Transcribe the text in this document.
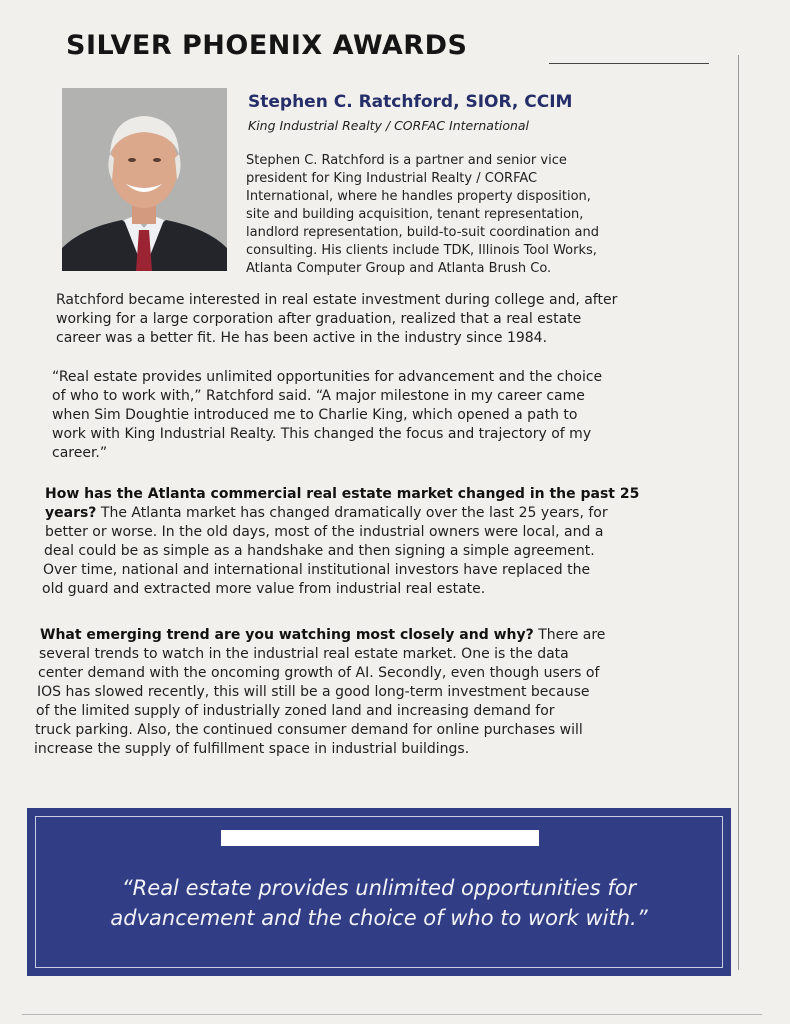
SILVER PHOENIX AWARDS
Stephen C. Ratchford, SIOR, CCIM
King Industrial Realty / CORFAC International
Stephen C. Ratchford is a partner and senior vice
president for King Industrial Realty / CORFAC
International, where he handles property disposition,
site and building acquisition, tenant representation,
landlord representation, build-to-suit coordination and
consulting. His clients include TDK, Illinois Tool Works,
Atlanta Computer Group and Atlanta Brush Co.
Ratchford became interested in real estate investment during college and, after
working for a large corporation after graduation, realized that a real estate
career was a better fit. He has been active in the industry since 1984.
“Real estate provides unlimited opportunities for advancement and the choice
of who to work with,” Ratchford said. “A major milestone in my career came
when Sim Doughtie introduced me to Charlie King, which opened a path to
work with King Industrial Realty. This changed the focus and trajectory of my
career.”
How has the Atlanta commercial real estate market changed in the past 25
years? The Atlanta market has changed dramatically over the last 25 years, for
better or worse. In the old days, most of the industrial owners were local, and a
deal could be as simple as a handshake and then signing a simple agreement.
Over time, national and international institutional investors have replaced the
old guard and extracted more value from industrial real estate.
What emerging trend are you watching most closely and why? There are
several trends to watch in the industrial real estate market. One is the data
center demand with the oncoming growth of AI. Secondly, even though users of
IOS has slowed recently, this will still be a good long-term investment because
of the limited supply of industrially zoned land and increasing demand for
truck parking. Also, the continued consumer demand for online purchases will
increase the supply of fulfillment space in industrial buildings.
“Real estate provides unlimited opportunities for
advancement and the choice of who to work with.”
